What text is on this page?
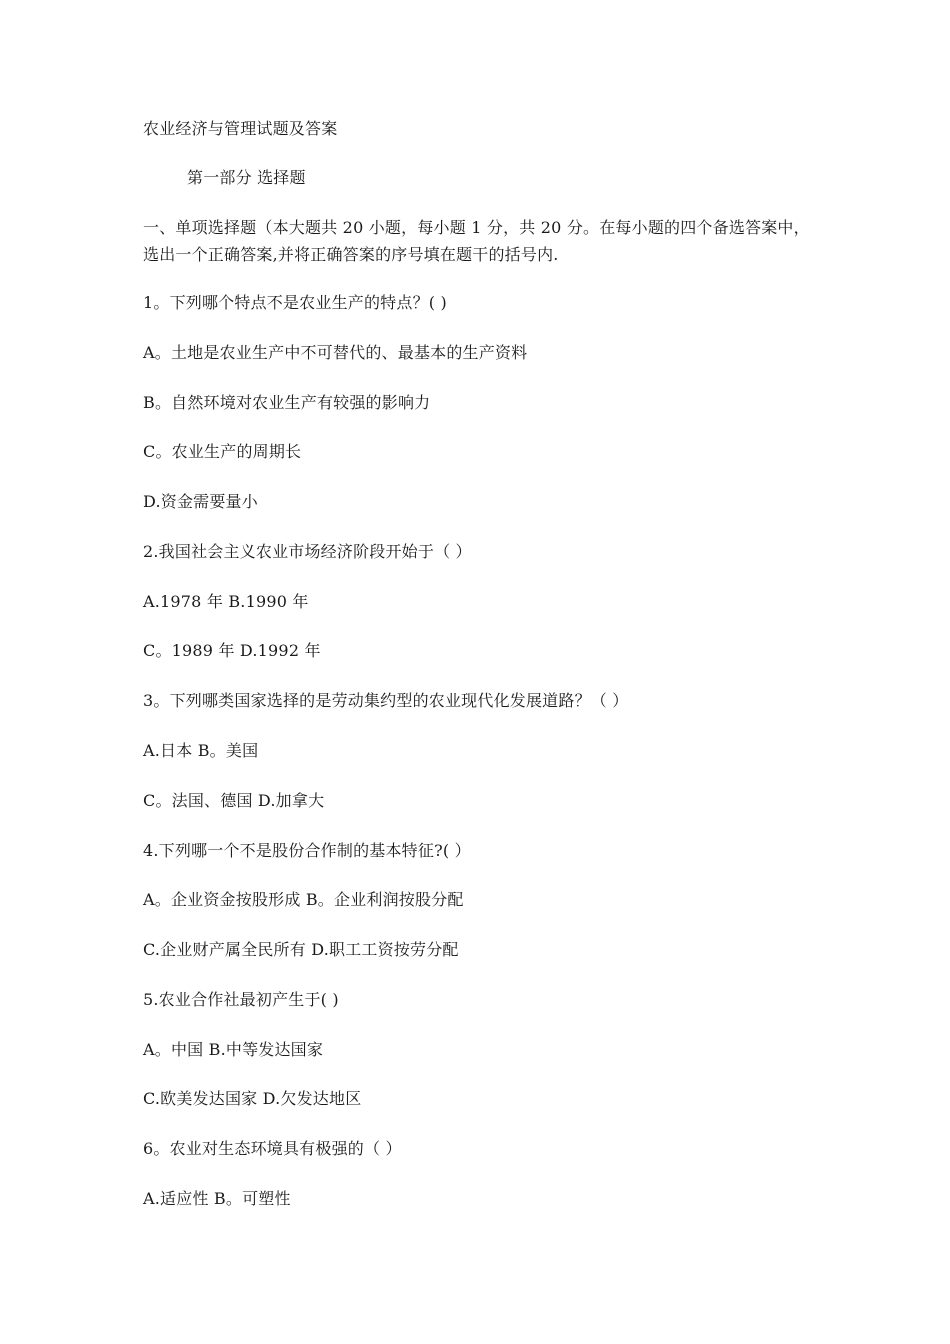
农业经济与管理试题及答案
第一部分 选择题
一、单项选择题（本大题共 20 小题，每小题 1 分，共 20 分。在每小题的四个备选答案中，
选出一个正确答案,并将正确答案的序号填在题干的括号内.
1。下列哪个特点不是农业生产的特点？( )
A。土地是农业生产中不可替代的、最基本的生产资料
B。自然环境对农业生产有较强的影响力
C。农业生产的周期长
D.资金需要量小
2.我国社会主义农业市场经济阶段开始于（ ）
A.1978 年 B.1990 年
C。1989 年 D.1992 年
3。下列哪类国家选择的是劳动集约型的农业现代化发展道路？（ ）
A.日本 B。美国
C。法国、德国 D.加拿大
4.下列哪一个不是股份合作制的基本特征?( ）
A。企业资金按股形成 B。企业利润按股分配
C.企业财产属全民所有 D.职工工资按劳分配
5.农业合作社最初产生于( )
A。中国 B.中等发达国家
C.欧美发达国家 D.欠发达地区
6。农业对生态环境具有极强的（ ）
A.适应性 B。可塑性
